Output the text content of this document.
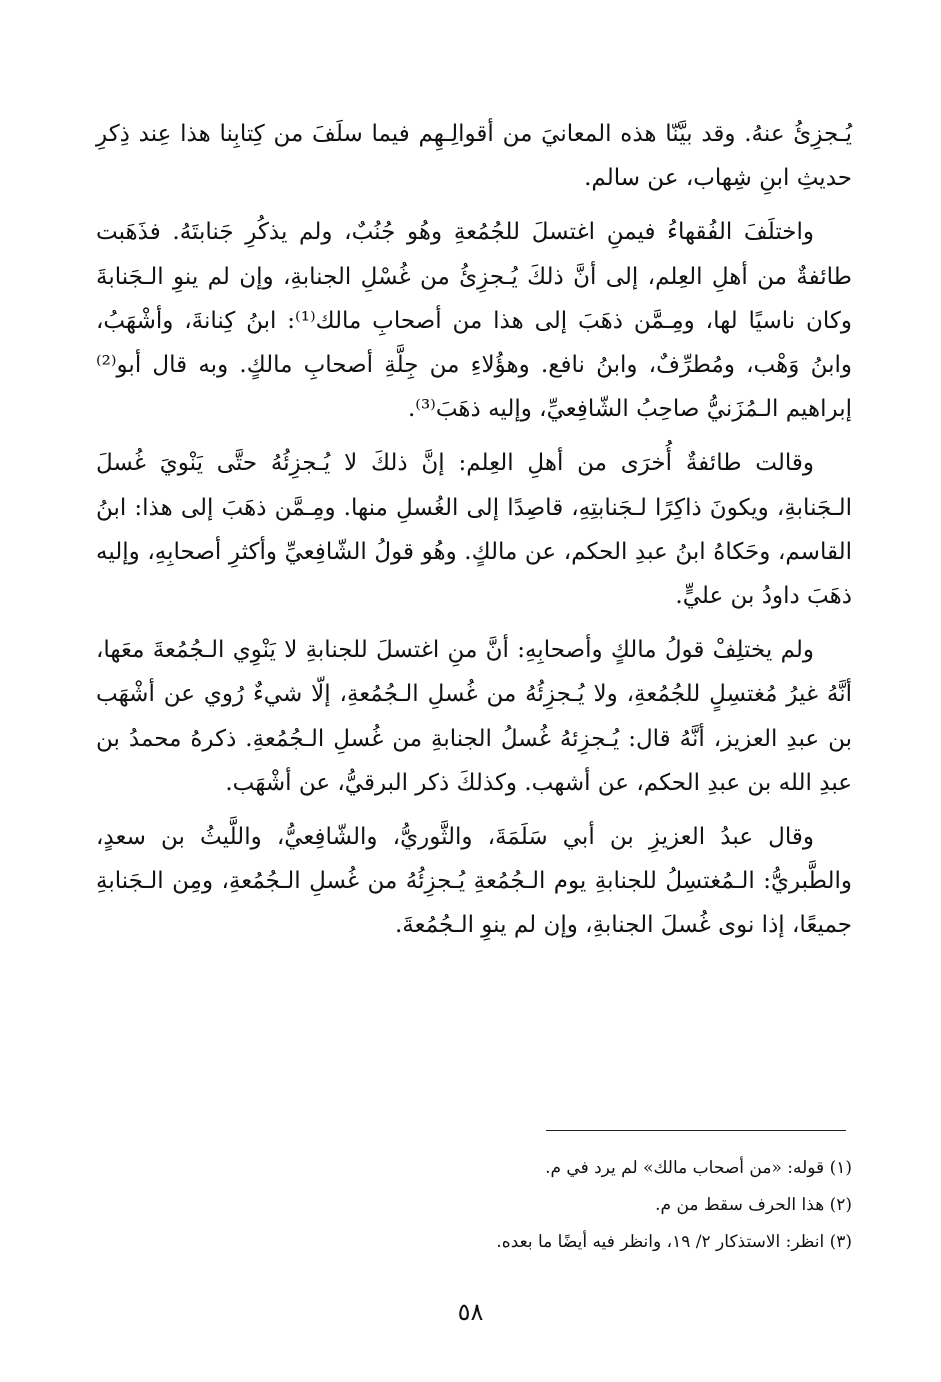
يُـجزِئُ عنهُ. وقد بيَّنّا هذه المعانيَ من أقوالِـهِم فيما سلَفَ من كِتابِنا هذا عِند ذِكرِ حديثِ ابنِ شِهاب، عن سالم.

واختلَفَ الفُقهاءُ فيمنِ اغتسلَ للجُمُعةِ وهُو جُنُبٌ، ولم يذكُرِ جَنابتَهُ. فذَهَبت طائفةٌ من أهلِ العِلم، إلى أنَّ ذلكَ يُـجزِئُ من غُسْلِ الجنابةِ، وإن لم ينوِ الـجَنابةَ وكان ناسيًا لها، ومِـمَّن ذهَبَ إلى هذا من أصحابِ مالك⁽¹⁾: ابنُ كِنانةَ، وأشْهَبُ، وابنُ وَهْب، ومُطرِّفٌ، وابنُ نافع. وهؤُلاءِ من جِلَّةِ أصحابِ مالكٍ. وبه قال أبو⁽²⁾ إبراهيم الـمُزَنيُّ صاحِبُ الشّافِعيِّ، وإليه ذهَبَ⁽³⁾.

وقالت طائفةٌ أُخرَى من أهلِ العِلم: إنَّ ذلكَ لا يُـجزِئُهُ حتَّى يَنْويَ غُسلَ الـجَنابةِ، ويكونَ ذاكِرًا لـجَنابتِهِ، قاصِدًا إلى الغُسلِ منها. ومِـمَّن ذهَبَ إلى هذا: ابنُ القاسم، وحَكاهُ ابنُ عبدِ الحكم، عن مالكٍ. وهُو قولُ الشّافِعيِّ وأكثرِ أصحابِهِ، وإليه ذهَبَ داودُ بن عليٍّ.

ولم يختلِفْ قولُ مالكٍ وأصحابِهِ: أنَّ منِ اغتسلَ للجنابةِ لا يَنْوِي الـجُمُعةَ معَها، أنَّهُ غيرُ مُغتسِلٍ للجُمُعةِ، ولا يُـجزِئُهُ من غُسلِ الـجُمُعةِ، إلّا شيءٌ رُوي عن أشْهَب بن عبدِ العزيز، أنَّهُ قال: يُـجزِئهُ غُسلُ الجنابةِ من غُسلِ الـجُمُعةِ. ذكرهُ محمدُ بن عبدِ الله بن عبدِ الحكم، عن أشهب. وكذلكَ ذكر البرقيُّ، عن أشْهَب.

وقال عبدُ العزيزِ بن أبي سَلَمَةَ، والثَّوريُّ، والشّافِعيُّ، واللَّيثُ بن سعدٍ، والطَّبريُّ: الـمُغتسِلُ للجنابةِ يوم الـجُمُعةِ يُـجزِئُهُ من غُسلِ الـجُمُعةِ، ومِن الـجَنابةِ جميعًا، إذا نوى غُسلَ الجنابةِ، وإن لم ينوِ الـجُمُعةَ.

(١) قوله: «من أصحاب مالك» لم يرد في م.

(٢) هذا الحرف سقط من م.

(٣) انظر: الاستذكار ٢/ ١٩، وانظر فيه أيضًا ما بعده.

٥٨
